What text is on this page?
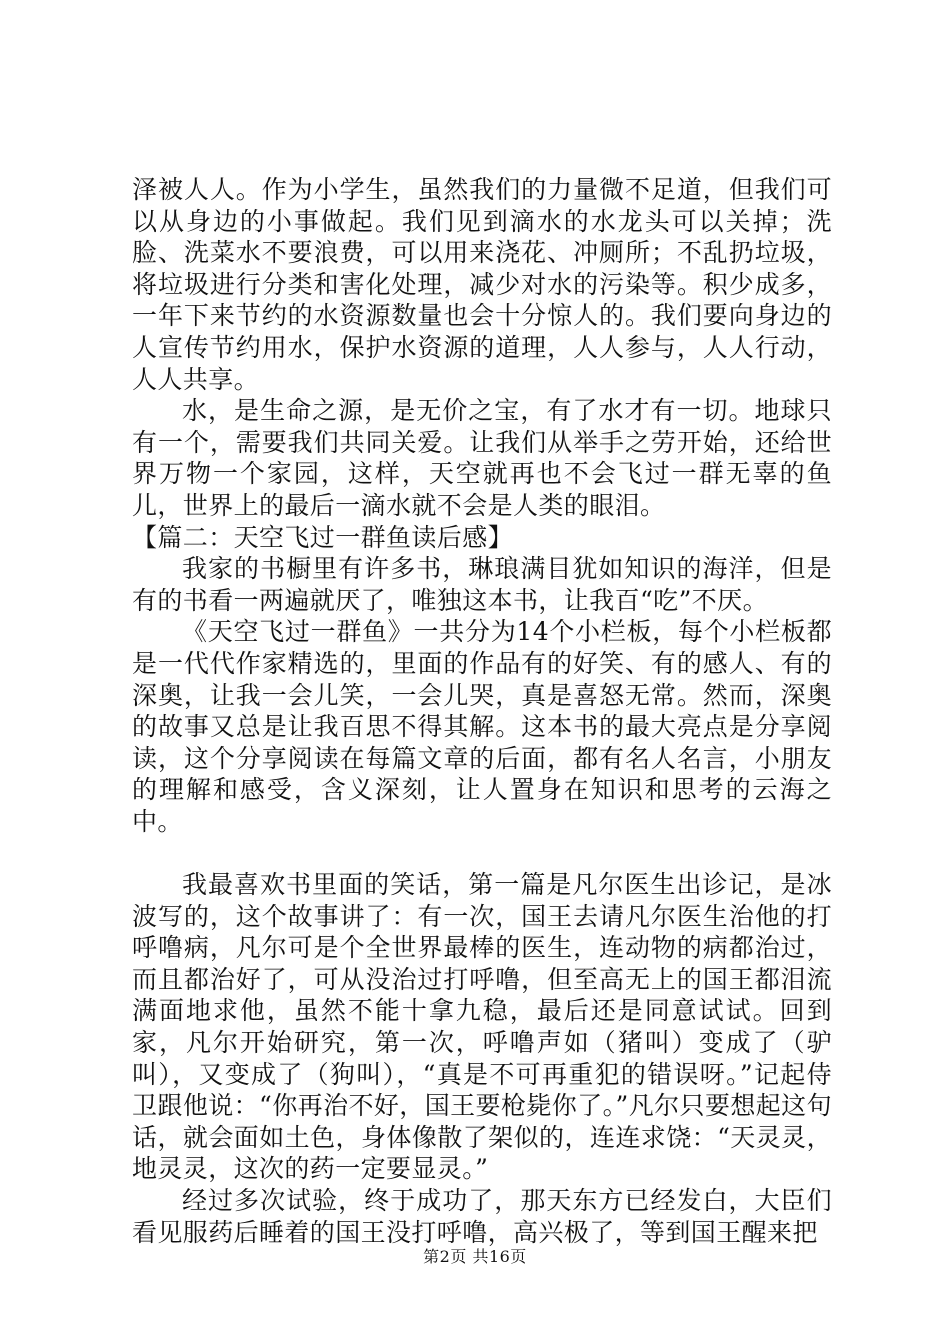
泽被人人。作为小学生，虽然我们的力量微不足道，但我们可以从身边的小事做起。我们见到滴水的水龙头可以关掉；洗脸、洗菜水不要浪费，可以用来浇花、冲厕所；不乱扔垃圾，将垃圾进行分类和害化处理，减少对水的污染等。积少成多，一年下来节约的水资源数量也会十分惊人的。我们要向身边的人宣传节约用水，保护水资源的道理，人人参与，人人行动，人人共享。

水，是生命之源，是无价之宝，有了水才有一切。地球只有一个，需要我们共同关爱。让我们从举手之劳开始，还给世界万物一个家园，这样，天空就再也不会飞过一群无辜的鱼儿，世界上的最后一滴水就不会是人类的眼泪。

【篇二：天空飞过一群鱼读后感】

我家的书橱里有许多书，琳琅满目犹如知识的海洋，但是有的书看一两遍就厌了，唯独这本书，让我百“吃”不厌。

《天空飞过一群鱼》一共分为14个小栏板，每个小栏板都是一代代作家精选的，里面的作品有的好笑、有的感人、有的深奥，让我一会儿笑，一会儿哭，真是喜怒无常。然而，深奥的故事又总是让我百思不得其解。这本书的最大亮点是分享阅读，这个分享阅读在每篇文章的后面，都有名人名言，小朋友的理解和感受，含义深刻，让人置身在知识和思考的云海之中。

我最喜欢书里面的笑话，第一篇是凡尔医生出诊记，是冰波写的，这个故事讲了：有一次，国王去请凡尔医生治他的打呼噜病，凡尔可是个全世界最棒的医生，连动物的病都治过，而且都治好了，可从没治过打呼噜，但至高无上的国王都泪流满面地求他，虽然不能十拿九稳，最后还是同意试试。回到家，凡尔开始研究，第一次，呼噜声如（猪叫）变成了（驴叫），又变成了（狗叫），“真是不可再重犯的错误呀。”记起侍卫跟他说：“你再治不好，国王要枪毙你了。”凡尔只要想起这句话，就会面如土色，身体像散了架似的，连连求饶：“天灵灵，地灵灵，这次的药一定要显灵。”

经过多次试验，终于成功了，那天东方已经发白，大臣们看见服药后睡着的国王没打呼噜，高兴极了，等到国王醒来把

第2页 共16页
